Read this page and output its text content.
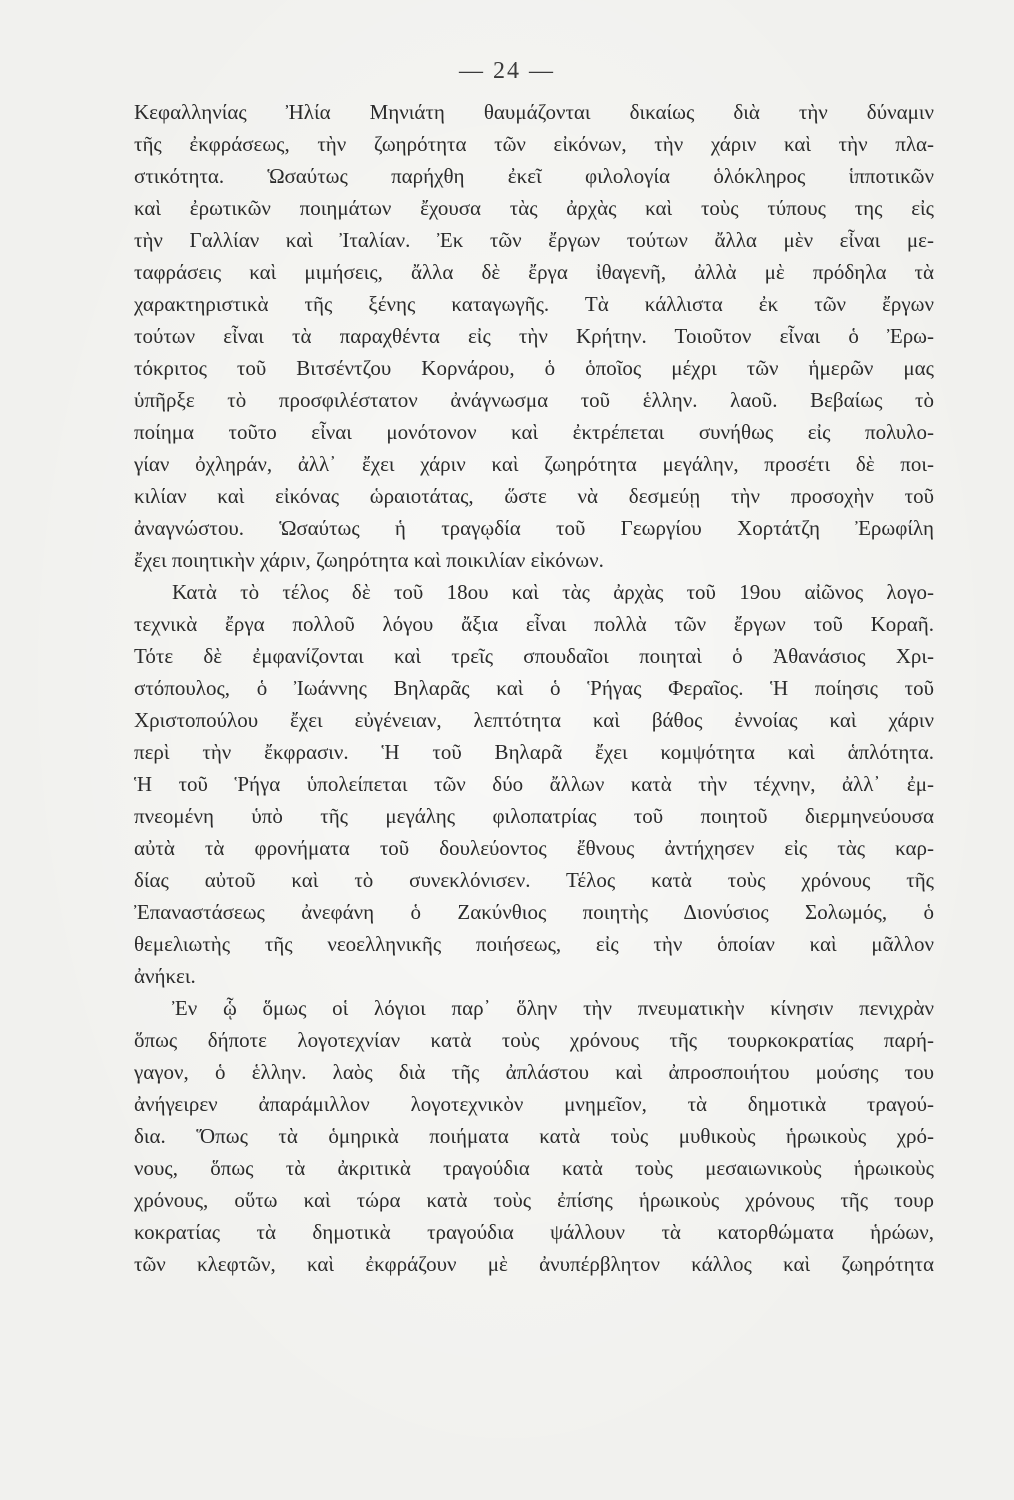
— 24 —
Κεφαλληνίας Ἠλία Μηνιάτη θαυμάζονται δικαίως διὰ τὴν δύναμιν
τῆς ἐκφράσεως, τὴν ζωηρότητα τῶν εἰκόνων, τὴν χάριν καὶ τὴν πλα-
στικότητα. Ὡσαύτως παρήχθη ἐκεῖ φιλολογία ὁλόκληρος ἱπποτικῶν
καὶ ἐρωτικῶν ποιημάτων ἔχουσα τὰς ἀρχὰς καὶ τοὺς τύπους της εἰς
τὴν Γαλλίαν καὶ Ἰταλίαν. Ἐκ τῶν ἔργων τούτων ἄλλα μὲν εἶναι με-
ταφράσεις καὶ μιμήσεις, ἄλλα δὲ ἔργα ἰθαγενῆ, ἀλλὰ μὲ πρόδηλα τὰ
χαρακτηριστικὰ τῆς ξένης καταγωγῆς. Τὰ κάλλιστα ἐκ τῶν ἔργων
τούτων εἶναι τὰ παραχθέντα εἰς τὴν Κρήτην. Τοιοῦτον εἶναι ὁ Ἐρω-
τόκριτος τοῦ Βιτσέντζου Κορνάρου, ὁ ὁποῖος μέχρι τῶν ἡμερῶν μας
ὑπῆρξε τὸ προσφιλέστατον ἀνάγνωσμα τοῦ ἑλλην. λαοῦ. Βεβαίως τὸ
ποίημα τοῦτο εἶναι μονότονον καὶ ἐκτρέπεται συνήθως εἰς πολυλο-
γίαν ὀχληράν, ἀλλ᾽ ἔχει χάριν καὶ ζωηρότητα μεγάλην, προσέτι δὲ ποι-
κιλίαν καὶ εἰκόνας ὡραιοτάτας, ὥστε νὰ δεσμεύῃ τὴν προσοχὴν τοῦ
ἀναγνώστου. Ὡσαύτως ἡ τραγῳδία τοῦ Γεωργίου Χορτάτζη Ἐρωφίλη
ἔχει ποιητικὴν χάριν, ζωηρότητα καὶ ποικιλίαν εἰκόνων.
Κατὰ τὸ τέλος δὲ τοῦ 18ου καὶ τὰς ἀρχὰς τοῦ 19ου αἰῶνος λογο-
τεχνικὰ ἔργα πολλοῦ λόγου ἄξια εἶναι πολλὰ τῶν ἔργων τοῦ Κοραῆ.
Τότε δὲ ἐμφανίζονται καὶ τρεῖς σπουδαῖοι ποιηταὶ ὁ Ἀθανάσιος Χρι-
στόπουλος, ὁ Ἰωάννης Βηλαρᾶς καὶ ὁ Ῥήγας Φεραῖος. Ἡ ποίησις τοῦ
Χριστοπούλου ἔχει εὐγένειαν, λεπτότητα καὶ βάθος ἐννοίας καὶ χάριν
περὶ τὴν ἔκφρασιν. Ἡ τοῦ Βηλαρᾶ ἔχει κομψότητα καὶ ἁπλότητα.
Ἡ τοῦ Ῥήγα ὑπολείπεται τῶν δύο ἄλλων κατὰ τὴν τέχνην, ἀλλ᾽ ἐμ-
πνεομένη ὑπὸ τῆς μεγάλης φιλοπατρίας τοῦ ποιητοῦ διερμηνεύουσα
αὐτὰ τὰ φρονήματα τοῦ δουλεύοντος ἔθνους ἀντήχησεν εἰς τὰς καρ-
δίας αὐτοῦ καὶ τὸ συνεκλόνισεν. Τέλος κατὰ τοὺς χρόνους τῆς
Ἐπαναστάσεως ἀνεφάνη ὁ Ζακύνθιος ποιητὴς Διονύσιος Σολωμός, ὁ
θεμελιωτὴς τῆς νεοελληνικῆς ποιήσεως, εἰς τὴν ὁποίαν καὶ μᾶλλον
ἀνήκει.
Ἐν ᾧ ὅμως οἱ λόγιοι παρ᾽ ὅλην τὴν πνευματικὴν κίνησιν πενιχρὰν
ὅπως δήποτε λογοτεχνίαν κατὰ τοὺς χρόνους τῆς τουρκοκρατίας παρή-
γαγον, ὁ ἑλλην. λαὸς διὰ τῆς ἀπλάστου καὶ ἀπροσποιήτου μούσης του
ἀνήγειρεν ἀπαράμιλλον λογοτεχνικὸν μνημεῖον, τὰ δημοτικὰ τραγού-
δια. Ὅπως τὰ ὁμηρικὰ ποιήματα κατὰ τοὺς μυθικοὺς ἡρωικοὺς χρό-
νους, ὅπως τὰ ἀκριτικὰ τραγούδια κατὰ τοὺς μεσαιωνικοὺς ἡρωικοὺς
χρόνους, οὕτω καὶ τώρα κατὰ τοὺς ἐπίσης ἡρωικοὺς χρόνους τῆς τουρ
κοκρατίας τὰ δημοτικὰ τραγούδια ψάλλουν τὰ κατορθώματα ἡρώων,
τῶν κλεφτῶν, καὶ ἐκφράζουν μὲ ἀνυπέρβλητον κάλλος καὶ ζωηρότητα
